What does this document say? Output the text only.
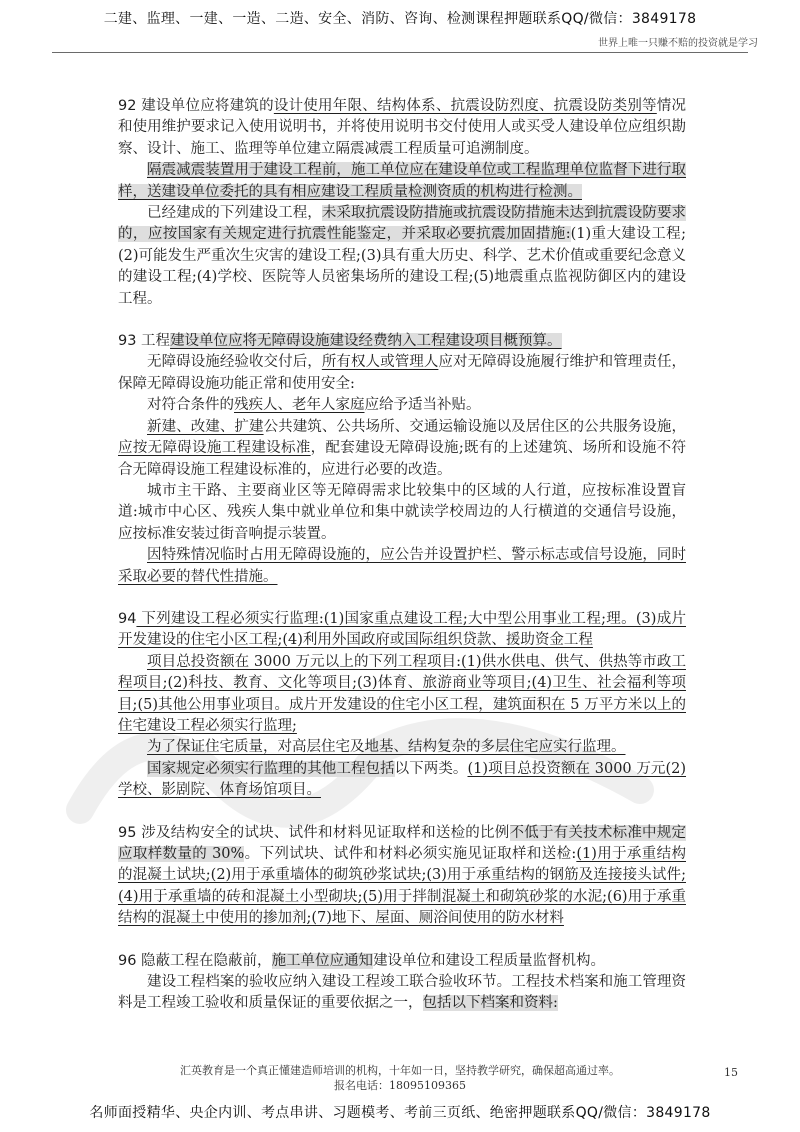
二建、监理、一建、一造、二造、安全、消防、咨询、检测课程押题联系QQ/微信：3849178
世界上唯一只赚不赔的投资就是学习

92 建设单位应将建筑的设计使用年限、结构体系、抗震设防烈度、抗震设防类别等情况和使用维护要求记入使用说明书，并将使用说明书交付使用人或买受人建设单位应组织勘察、设计、施工、监理等单位建立隔震减震工程质量可追溯制度。

隔震减震装置用于建设工程前，施工单位应在建设单位或工程监理单位监督下进行取样，送建设单位委托的具有相应建设工程质量检测资质的机构进行检测。

已经建成的下列建设工程，未采取抗震设防措施或抗震设防措施未达到抗震设防要求的，应按国家有关规定进行抗震性能鉴定，并采取必要抗震加固措施:(1)重大建设工程;(2)可能发生严重次生灾害的建设工程;(3)具有重大历史、科学、艺术价值或重要纪念意义的建设工程;(4)学校、医院等人员密集场所的建设工程;(5)地震重点监视防御区内的建设工程。

93 工程建设单位应将无障碍设施建设经费纳入工程建设项目概预算。

无障碍设施经验收交付后，所有权人或管理人应对无障碍设施履行维护和管理责任，保障无障碍设施功能正常和使用安全:

对符合条件的残疾人、老年人家庭应给予适当补贴。

新建、改建、扩建公共建筑、公共场所、交通运输设施以及居住区的公共服务设施，应按无障碍设施工程建设标准，配套建设无障碍设施;既有的上述建筑、场所和设施不符合无障碍设施工程建设标准的，应进行必要的改造。

城市主干路、主要商业区等无障碍需求比较集中的区域的人行道，应按标准设置盲道:城市中心区、残疾人集中就业单位和集中就读学校周边的人行横道的交通信号设施，应按标准安装过街音响提示装置。

因特殊情况临时占用无障碍设施的，应公告并设置护栏、警示标志或信号设施，同时采取必要的替代性措施。

94 下列建设工程必须实行监理:(1)国家重点建设工程;大中型公用事业工程;理。(3)成片开发建设的住宅小区工程;(4)利用外国政府或国际组织贷款、援助资金工程

项目总投资额在 3000 万元以上的下列工程项目:(1)供水供电、供气、供热等市政工程项目;(2)科技、教育、文化等项目;(3)体育、旅游商业等项目;(4)卫生、社会福利等项目;(5)其他公用事业项目。成片开发建设的住宅小区工程，建筑面积在 5 万平方米以上的住宅建设工程必须实行监理;

为了保证住宅质量，对高层住宅及地基、结构复杂的多层住宅应实行监理。

国家规定必须实行监理的其他工程包括以下两类。(1)项目总投资额在 3000 万元(2)学校、影剧院、体育场馆项目。

95 涉及结构安全的试块、试件和材料见证取样和送检的比例不低于有关技术标准中规定应取样数量的 30%。下列试块、试件和材料必须实施见证取样和送检:(1)用于承重结构的混凝土试块;(2)用于承重墙体的砌筑砂浆试块;(3)用于承重结构的钢筋及连接接头试件;(4)用于承重墙的砖和混凝土小型砌块;(5)用于拌制混凝土和砌筑砂浆的水泥;(6)用于承重结构的混凝土中使用的掺加剂;(7)地下、屋面、厕浴间使用的防水材料

96 隐蔽工程在隐蔽前，施工单位应通知建设单位和建设工程质量监督机构。

建设工程档案的验收应纳入建设工程竣工联合验收环节。工程技术档案和施工管理资料是工程竣工验收和质量保证的重要依据之一，包括以下档案和资料:

汇英教育是一个真正懂建造师培训的机构，十年如一日，坚持教学研究，确保超高通过率。
报名电话：18095109365
15
名师面授精华、央企内训、考点串讲、习题模考、考前三页纸、绝密押题联系QQ/微信：3849178
